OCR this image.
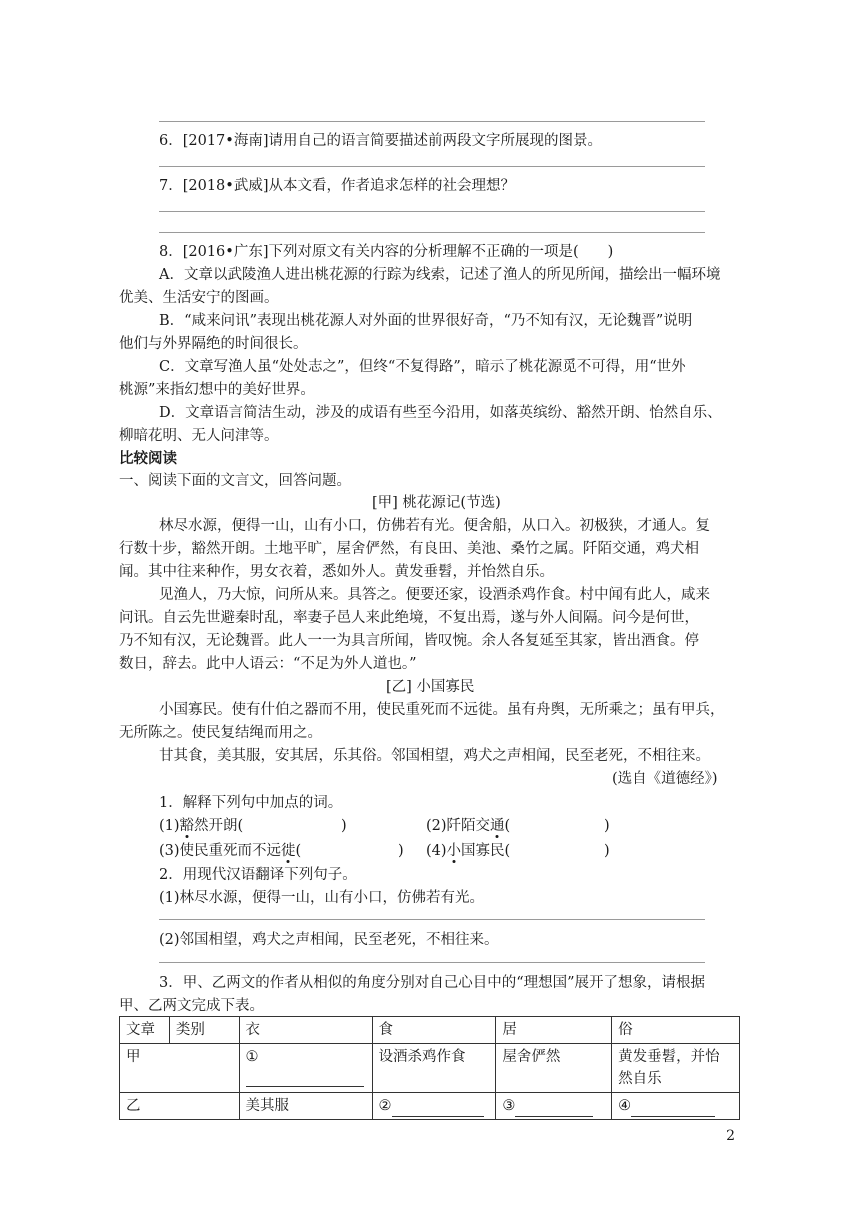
6．[2017•海南]请用自己的语言简要描述前两段文字所展现的图景。
7．[2018•武威]从本文看，作者追求怎样的社会理想？
8．[2016•广东]下列对原文有关内容的分析理解不正确的一项是(　　)
A．文章以武陵渔人进出桃花源的行踪为线索，记述了渔人的所见所闻，描绘出一幅环境
优美、生活安宁的图画。
B．“咸来问讯”表现出桃花源人对外面的世界很好奇，“乃不知有汉，无论魏晋”说明
他们与外界隔绝的时间很长。
C．文章写渔人虽“处处志之”，但终“不复得路”，暗示了桃花源觅不可得，用“世外
桃源”来指幻想中的美好世界。
D．文章语言简洁生动，涉及的成语有些至今沿用，如落英缤纷、豁然开朗、怡然自乐、
柳暗花明、无人问津等。
比较阅读
一、阅读下面的文言文，回答问题。
[甲] 桃花源记(节选)
林尽水源，便得一山，山有小口，仿佛若有光。便舍船，从口入。初极狭，才通人。复
行数十步，豁然开朗。土地平旷，屋舍俨然，有良田、美池、桑竹之属。阡陌交通，鸡犬相
闻。其中往来种作，男女衣着，悉如外人。黄发垂髫，并怡然自乐。
见渔人，乃大惊，问所从来。具答之。便要还家，设酒杀鸡作食。村中闻有此人，咸来
问讯。自云先世避秦时乱，率妻子邑人来此绝境，不复出焉，遂与外人间隔。问今是何世，
乃不知有汉，无论魏晋。此人一一为具言所闻，皆叹惋。余人各复延至其家，皆出酒食。停
数日，辞去。此中人语云：“不足为外人道也。”
[乙] 小国寡民
小国寡民。使有什伯之器而不用，使民重死而不远徙。虽有舟舆，无所乘之；虽有甲兵，
无所陈之。使民复结绳而用之。
甘其食，美其服，安其居，乐其俗。邻国相望，鸡犬之声相闻，民至老死，不相往来。
(选自《道德经》)
1．解释下列句中加点的词。
(1)豁然开朗(	)	(2)阡陌交通(	)
(3)使民重死而不远徙(	) (4)小国寡民(	)
2．用现代汉语翻译下列句子。
(1)林尽水源，便得一山，山有小口，仿佛若有光。
(2)邻国相望，鸡犬之声相闻，民至老死，不相往来。
3．甲、乙两文的作者从相似的角度分别对自己心目中的“理想国”展开了想象，请根据
甲、乙两文完成下表。
文章	类别	衣	食	居	俗
甲		①	设酒杀鸡作食	屋舍俨然	黄发垂髫，并怡
然自乐

乙		美其服	②	③	④
2
